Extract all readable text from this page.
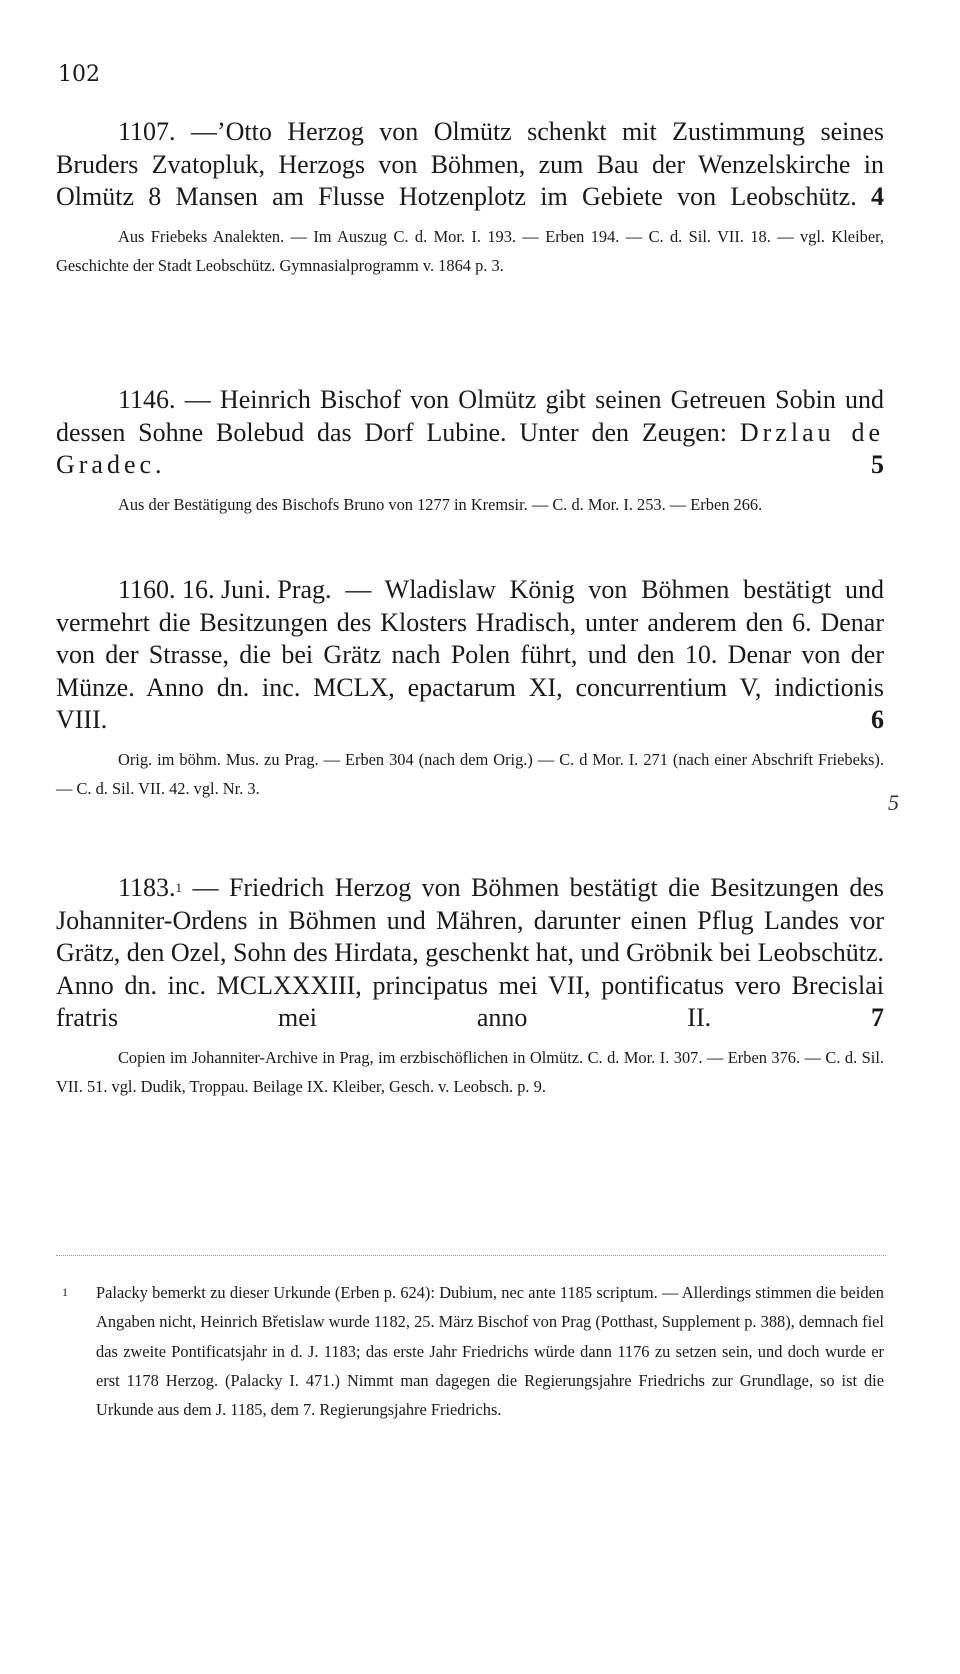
102

1107. —ʼOtto Herzog von Olmütz schenkt mit Zustimmung seines Bruders Zvatopluk, Herzogs von Böhmen, zum Bau der Wenzelskirche in Olmütz 8 Mansen am Flusse Hotzenplotz im Gebiete von Leobschütz. 4

Aus Friebeks Analekten. — Im Auszug C. d. Mor. I. 193. — Erben 194. — C. d. Sil. VII. 18. — vgl. Kleiber, Geschichte der Stadt Leobschütz. Gymnasialprogramm v. 1864 p. 3.

1146. — Heinrich Bischof von Olmütz gibt seinen Getreuen Sobin und dessen Sohne Bolebud das Dorf Lubine. Unter den Zeugen: Drzlau de Gradec.	5

Aus der Bestätigung des Bischofs Bruno von 1277 in Kremsir. — C. d. Mor. I. 253. — Erben 266.

1160. 16. Juni. Prag. — Wladislaw König von Böhmen bestätigt und vermehrt die Besitzungen des Klosters Hradisch, unter anderem den 6. Denar von der Strasse, die bei Grätz nach Polen führt, und den 10. Denar von der Münze. Anno dn. inc. MCLX, epactarum XI, concurrentium V, indictionis VIII.	6

Orig. im böhm. Mus. zu Prag. — Erben 304 (nach dem Orig.) — C. d Mor. I. 271 (nach einer Abschrift Friebeks). — C. d. Sil. VII. 42. vgl. Nr. 3.

5

1183.$^1$ — Friedrich Herzog von Böhmen bestätigt die Besitzungen des Johanniter-Ordens in Böhmen und Mähren, darunter einen Pflug Landes vor Grätz, den Ozel, Sohn des Hirdata, geschenkt hat, und Gröbnik bei Leobschütz. Anno dn. inc. MCLXXXIII, principatus mei VII, pontificatus vero Brecislai fratris mei anno II.	7

Copien im Johanniter-Archive in Prag, im erzbischöflichen in Olmütz. C. d. Mor. I. 307. — Erben 376. — C. d. Sil. VII. 51. vgl. Dudik, Troppau. Beilage IX. Kleiber, Gesch. v. Leobsch. p. 9.

1 Palacky bemerkt zu dieser Urkunde (Erben p. 624): Dubium, nec ante 1185 scriptum. — Allerdings stimmen die beiden Angaben nicht, Heinrich Břetislaw wurde 1182, 25. März Bischof von Prag (Potthast, Supplement p. 388), demnach fiel das zweite Pontificatsjahr in d. J. 1183; das erste Jahr Friedrichs würde dann 1176 zu setzen sein, und doch wurde er erst 1178 Herzog. (Palacky I. 471.) Nimmt man dagegen die Regierungsjahre Friedrichs zur Grundlage, so ist die Urkunde aus dem J. 1185, dem 7. Regierungsjahre Friedrichs.
